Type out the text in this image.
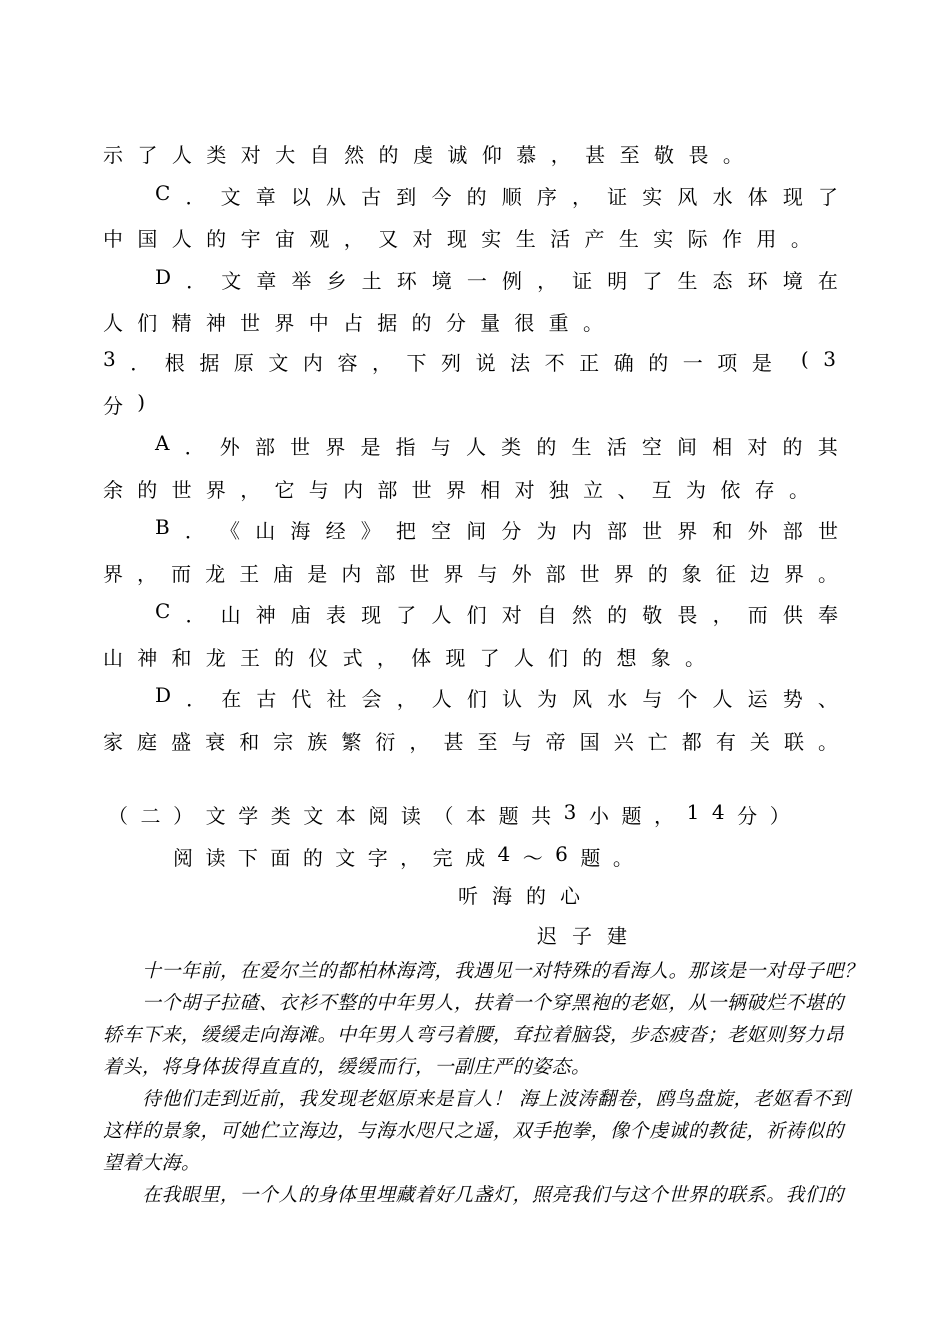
示 了 人 类 对 大 自 然 的 虔 诚 仰 慕 ， 甚 至 敬 畏 。
C ． 文 章 以 从 古 到 今 的 顺 序 ， 证 实 风 水 体 现 了
中 国 人 的 宇 宙 观 ， 又 对 现 实 生 活 产 生 实 际 作 用 。
D ． 文 章 举 乡 土 环 境 一 例 ， 证 明 了 生 态 环 境 在
人 们 精 神 世 界 中 占 据 的 分 量 很 重 。
3 ． 根 据 原 文 内 容 ， 下 列 说 法 不 正 确 的 一 项 是 ( 3
分 )
A ． 外 部 世 界 是 指 与 人 类 的 生 活 空 间 相 对 的 其
余 的 世 界 ， 它 与 内 部 世 界 相 对 独 立 、 互 为 依 存 。
B ． 《 山 海 经 》 把 空 间 分 为 内 部 世 界 和 外 部 世
界 ， 而 龙 王 庙 是 内 部 世 界 与 外 部 世 界 的 象 征 边 界 。
C ． 山 神 庙 表 现 了 人 们 对 自 然 的 敬 畏 ， 而 供 奉
山 神 和 龙 王 的 仪 式 ， 体 现 了 人 们 的 想 象 。
D ． 在 古 代 社 会 ， 人 们 认 为 风 水 与 个 人 运 势 、
家 庭 盛 衰 和 宗 族 繁 衍 ， 甚 至 与 帝 国 兴 亡 都 有 关 联 。
（ 二 ） 文 学 类 文 本 阅 读 （ 本 题 共 3 小 题 ， 1 4 分 ）
阅 读 下 面 的 文 字 ， 完 成 4 ～ 6 题 。
听 海 的 心
迟 子 建
十一年前，在爱尔兰的都柏林海湾，我遇见一对特殊的看海人。那该是一对母子吧？
一个胡子拉碴、衣衫不整的中年男人，扶着一个穿黑袍的老妪，从一辆破烂不堪的
轿车下来，缓缓走向海滩。中年男人弯弓着腰，耷拉着脑袋，步态疲沓；老妪则努力昂
着头，将身体拔得直直的，缓缓而行，一副庄严的姿态。
待他们走到近前，我发现老妪原来是盲人！ 海上波涛翻卷，鸥鸟盘旋，老妪看不到
这样的景象，可她伫立海边，与海水咫尺之遥，双手抱拳，像个虔诚的教徒，祈祷似的
望着大海。
在我眼里，一个人的身体里埋藏着好几盏灯，照亮我们与这个世界的联系。我们的
